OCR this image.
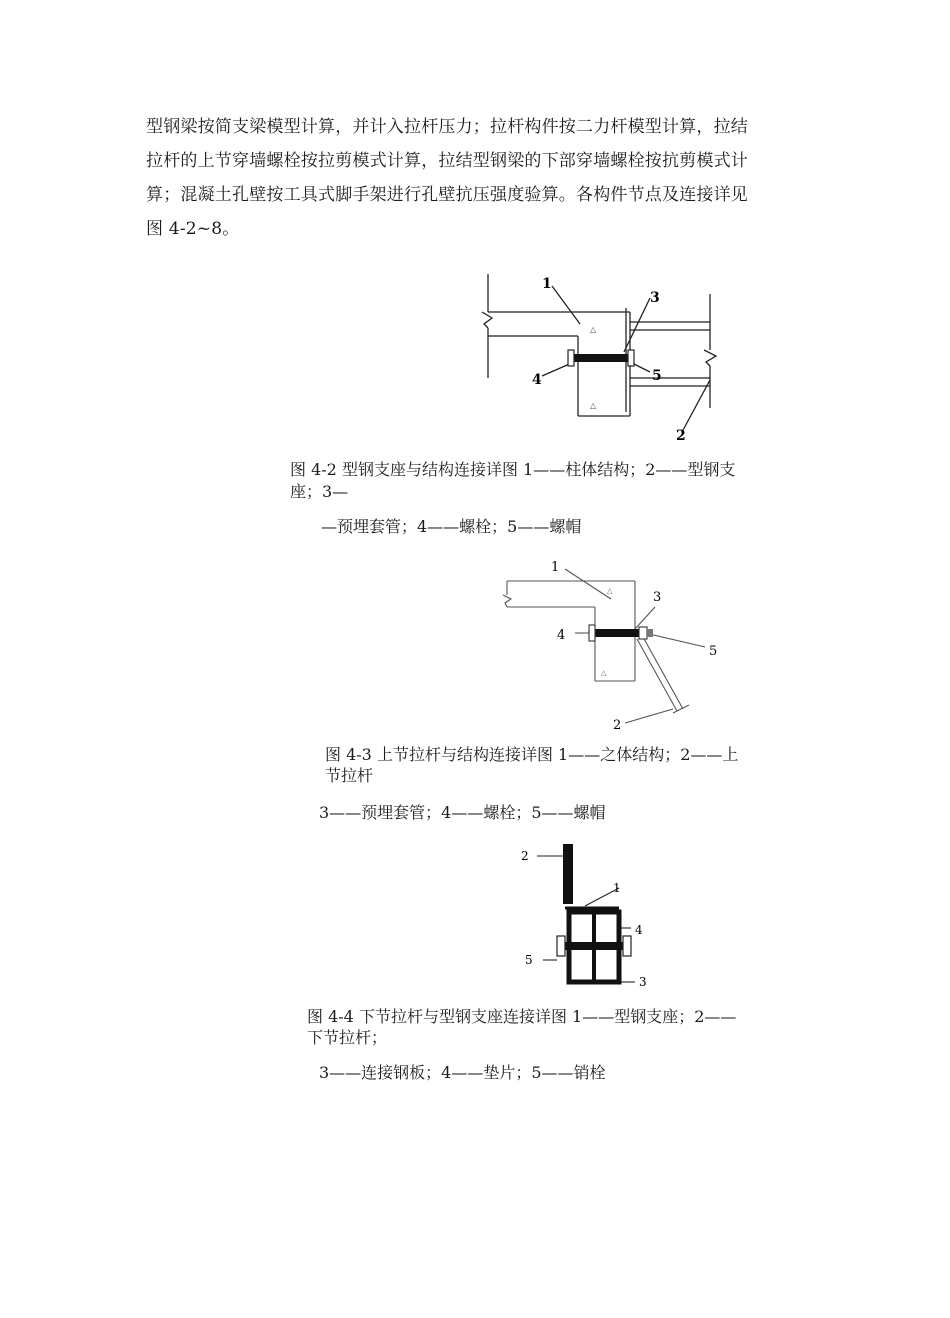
型钢梁按简支梁模型计算，并计入拉杆压力；拉杆构件按二力杆模型计算，拉结
拉杆的上节穿墙螺栓按拉剪模式计算，拉结型钢梁的下部穿墙螺栓按抗剪模式计
算；混凝土孔壁按工具式脚手架进行孔壁抗压强度验算。各构件节点及连接详见
图 4-2~8。
△
△
1
3
4	5
2
图 4-2 型钢支座与结构连接详图 1——柱体结构；2——型钢支
座；3—
—预埋套管；4——螺栓；5——螺帽
△
△
1
3
4
5
2
图 4-3 上节拉杆与结构连接详图 1——之体结构；2——上
节拉杆
3——预埋套管；4——螺栓；5——螺帽
2
1
4
5
3
图 4-4 下节拉杆与型钢支座连接详图 1——型钢支座；2——
下节拉杆；
3——连接钢板；4——垫片；5——销栓
